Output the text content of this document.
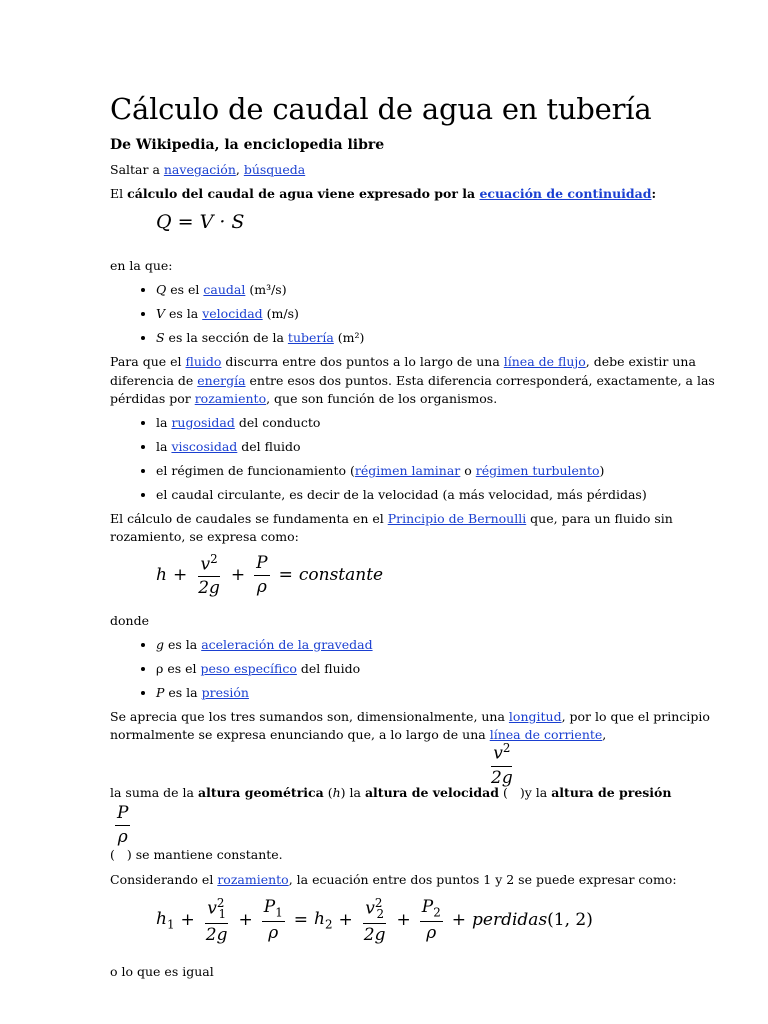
Cálculo de caudal de agua en tubería
De Wikipedia, la enciclopedia libre

Saltar a navegación, búsqueda

El cálculo del caudal de agua viene expresado por la ecuación de continuidad:

Q = V · S

en la que:

• Q es el caudal (m³/s)
• V es la velocidad (m/s)
• S es la sección de la tubería (m²)

Para que el fluido discurra entre dos puntos a lo largo de una línea de flujo, debe existir una diferencia de energía entre esos dos puntos. Esta diferencia corresponderá, exactamente, a las pérdidas por rozamiento, que son función de los organismos.

• la rugosidad del conducto
• la viscosidad del fluido
• el régimen de funcionamiento (régimen laminar o régimen turbulento)
• el caudal circulante, es decir de la velocidad (a más velocidad, más pérdidas)

El cálculo de caudales se fundamenta en el Principio de Bernoulli que, para un fluido sin rozamiento, se expresa como:

$h + \frac{v^2}{2g} + \frac{P}{\rho}$ = constante

donde

• g es la aceleración de la gravedad
• ρ es el peso específico del fluido
• P es la presión

Se aprecia que los tres sumandos son, dimensionalmente, una longitud, por lo que el principio normalmente se expresa enunciando que, a lo largo de una línea de corriente,

$\frac{v^2}{2g}$

la suma de la altura geométrica (h) la altura de velocidad ( )y la altura de presión

$\frac{P}{\rho}$

( ) se mantiene constante.

Considerando el rozamiento, la ecuación entre dos puntos 1 y 2 se puede expresar como:

$h_1 + \frac{v^2_1}{2g} + \frac{P_1}{\rho} = h_2 + \frac{v^2_2}{2g} + \frac{P_2}{\rho}$ + perdidas(1, 2)

o lo que es igual
